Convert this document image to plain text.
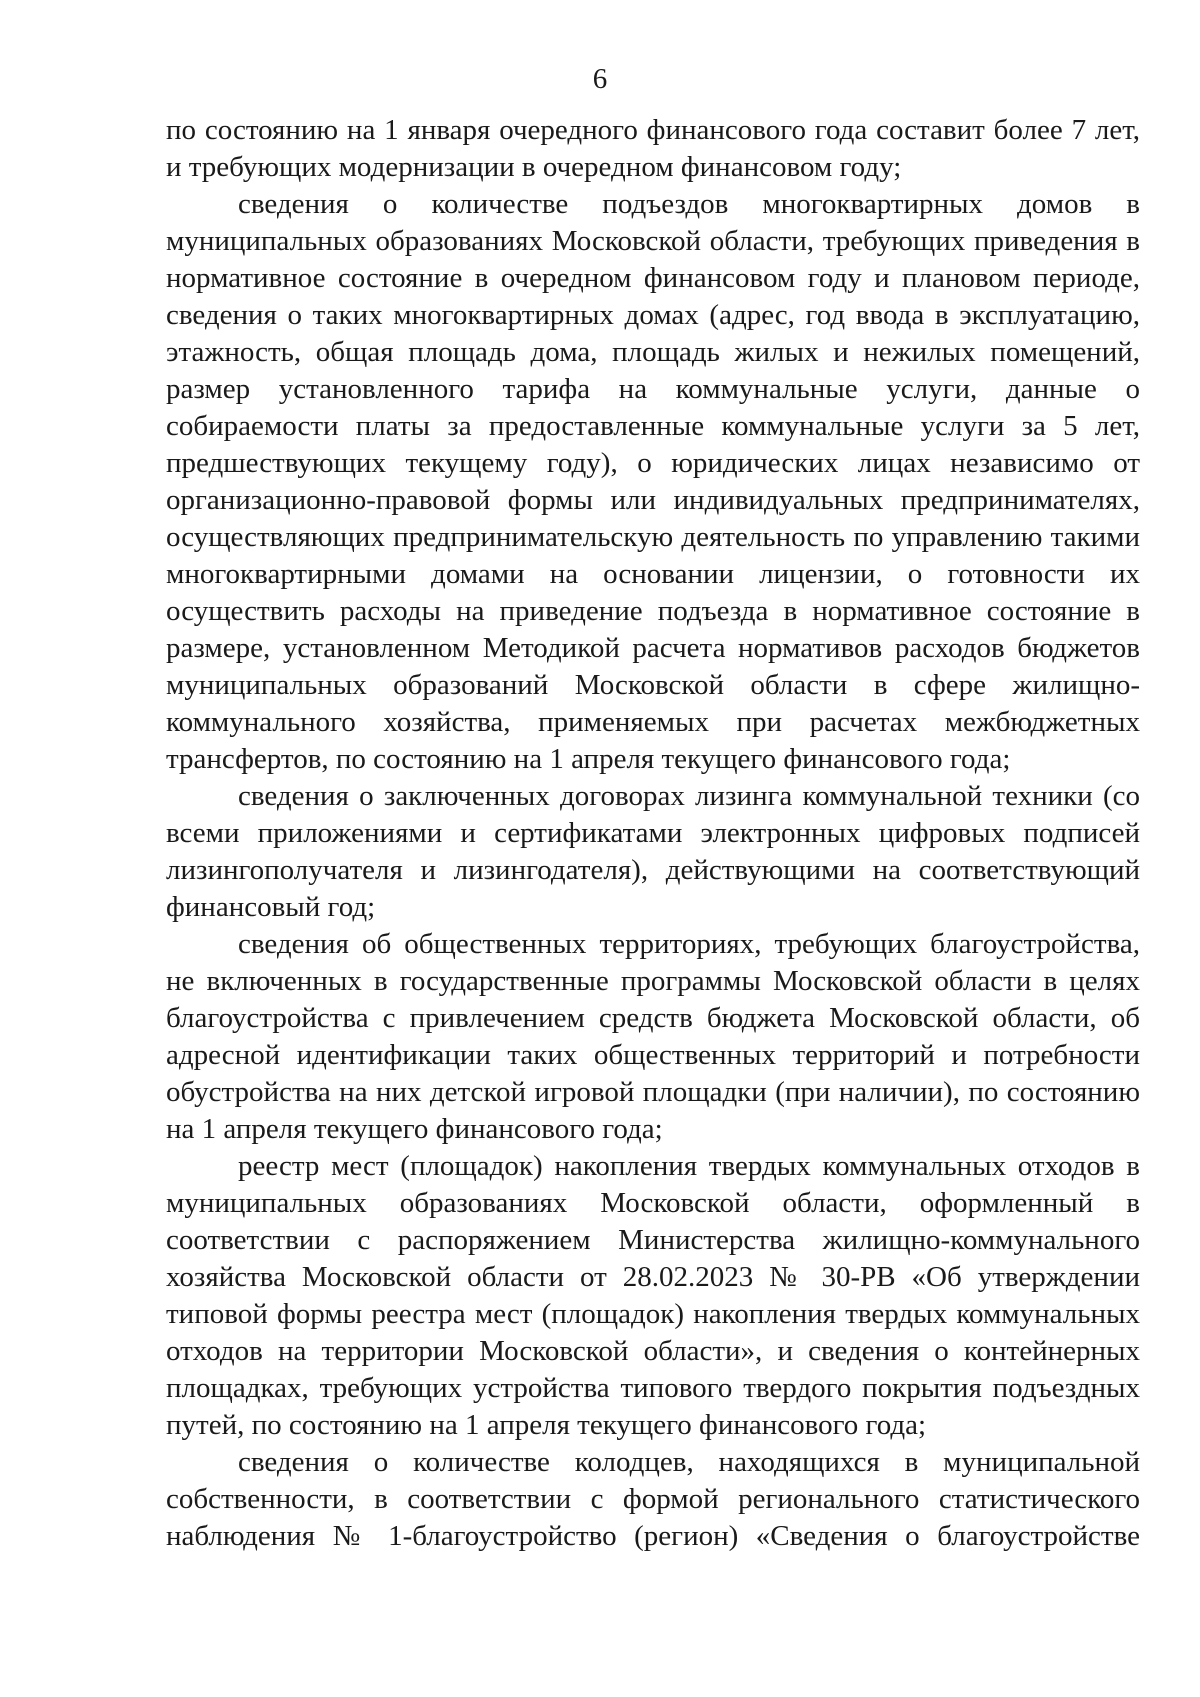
6

по состоянию на 1 января очередного финансового года составит более 7 лет, и требующих модернизации в очередном финансовом году;

сведения о количестве подъездов многоквартирных домов в муниципальных образованиях Московской области, требующих приведения в нормативное состояние в очередном финансовом году и плановом периоде, сведения о таких многоквартирных домах (адрес, год ввода в эксплуатацию, этажность, общая площадь дома, площадь жилых и нежилых помещений, размер установленного тарифа на коммунальные услуги, данные о собираемости платы за предоставленные коммунальные услуги за 5 лет, предшествующих текущему году), о юридических лицах независимо от организационно-правовой формы или индивидуальных предпринимателях, осуществляющих предпринимательскую деятельность по управлению такими многоквартирными домами на основании лицензии, о готовности их осуществить расходы на приведение подъезда в нормативное состояние в размере, установленном Методикой расчета нормативов расходов бюджетов муниципальных образований Московской области в сфере жилищно-коммунального хозяйства, применяемых при расчетах межбюджетных трансфертов, по состоянию на 1 апреля текущего финансового года;

сведения о заключенных договорах лизинга коммунальной техники (со всеми приложениями и сертификатами электронных цифровых подписей лизингополучателя и лизингодателя), действующими на соответствующий финансовый год;

сведения об общественных территориях, требующих благоустройства, не включенных в государственные программы Московской области в целях благоустройства с привлечением средств бюджета Московской области, об адресной идентификации таких общественных территорий и потребности обустройства на них детской игровой площадки (при наличии), по состоянию на 1 апреля текущего финансового года;

реестр мест (площадок) накопления твердых коммунальных отходов в муниципальных образованиях Московской области, оформленный в соответствии с распоряжением Министерства жилищно-коммунального хозяйства Московской области от 28.02.2023 № 30-РВ «Об утверждении типовой формы реестра мест (площадок) накопления твердых коммунальных отходов на территории Московской области», и сведения о контейнерных площадках, требующих устройства типового твердого покрытия подъездных путей, по состоянию на 1 апреля текущего финансового года;

сведения о количестве колодцев, находящихся в муниципальной собственности, в соответствии с формой регионального статистического наблюдения № 1-благоустройство (регион) «Сведения о благоустройстве
